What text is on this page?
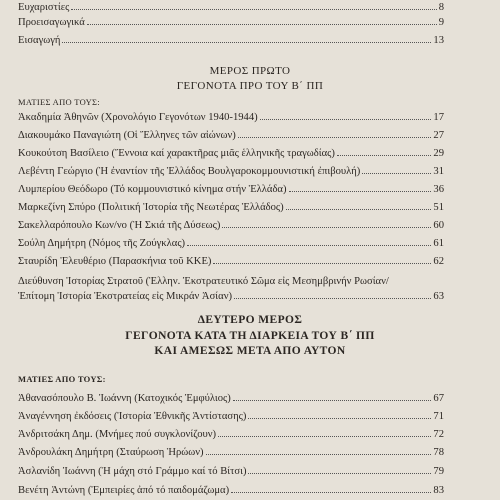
Ευχαριστίες	8
Προεισαγωγικά	9
Εισαγωγή	13
ΜΕΡΟΣ ΠΡΩΤΟ
ΓΕΓΟΝΟΤΑ ΠΡΟ ΤΟΥ Β΄ ΠΠ
ΜΑΤΙΕΣ ΑΠΟ ΤΟΥΣ:
Ἀκαδημία Ἀθηνῶν (Χρονολόγιο Γεγονότων 1940-1944)	17
Διακουμάκο Παναγιώτη (Οἱ Ἕλληνες τῶν αἰώνων)	27
Κουκούτση Βασίλειο (Ἔννοια καί χαρακτῆρας μιᾶς ἑλληνικῆς τραγωδίας)	29
Λεβέντη Γεώργιο (Ἡ ἐναντίον τῆς Ἑλλάδος Βουλγαροκομμουνιστική ἐπιβουλή)	31
Λυμπερίου Θεόδωρο (Τό κομμουνιστικό κίνημα στήν Ἑλλάδα)	36
Μαρκεζίνη Σπύρο (Πολιτική Ἱστορία τῆς Νεωτέρας Ἑλλάδος)	51
Σακελλαρόπουλο Κων/νο (Ἡ Σκιά τῆς Δύσεως)	60
Σούλη Δημήτρη (Νόμος τῆς Ζούγκλας)	61
Σταυρίδη Ἐλευθέριο (Παρασκήνια τοῦ ΚΚΕ)	62
Διεύθυνση Ἱστορίας Στρατοῦ (Ἑλλην. Ἐκστρατευτικό Σῶμα εἰς Μεσημβρινήν Ρωσίαν/
Ἐπίτομη Ἱστορία Ἐκστρατείας εἰς Μικράν Ἀσίαν)	63
ΔΕΥΤΕΡΟ ΜΕΡΟΣ
ΓΕΓΟΝΟΤΑ ΚΑΤΑ ΤΗ ΔΙΑΡΚΕΙΑ ΤΟΥ Β΄ ΠΠ
ΚΑΙ ΑΜΕΣΩΣ ΜΕΤΑ ΑΠΟ ΑΥΤΟΝ
ΜΑΤΙΕΣ ΑΠΟ ΤΟΥΣ:
Ἀθανασόπουλο Β. Ἰωάννη (Κατοχικός Ἐμφύλιος)	67
Ἀναγέννηση ἐκδόσεις (Ἱστορία Ἐθνικῆς Ἀντίστασης)	71
Ἀνδριτσάκη Δημ. (Μνήμες πού συγκλονίζουν)	72
Ἀνδρουλάκη Δημήτρη (Σταύρωση Ἡρώων)	78
Ἀσλανίδη Ἰωάννη (Ἡ μάχη στό Γράμμο καί τό Βίτσι)	79
Βενέτη Ἀντώνη (Ἐμπειρίες ἀπό τό παιδομάζωμα)	83
